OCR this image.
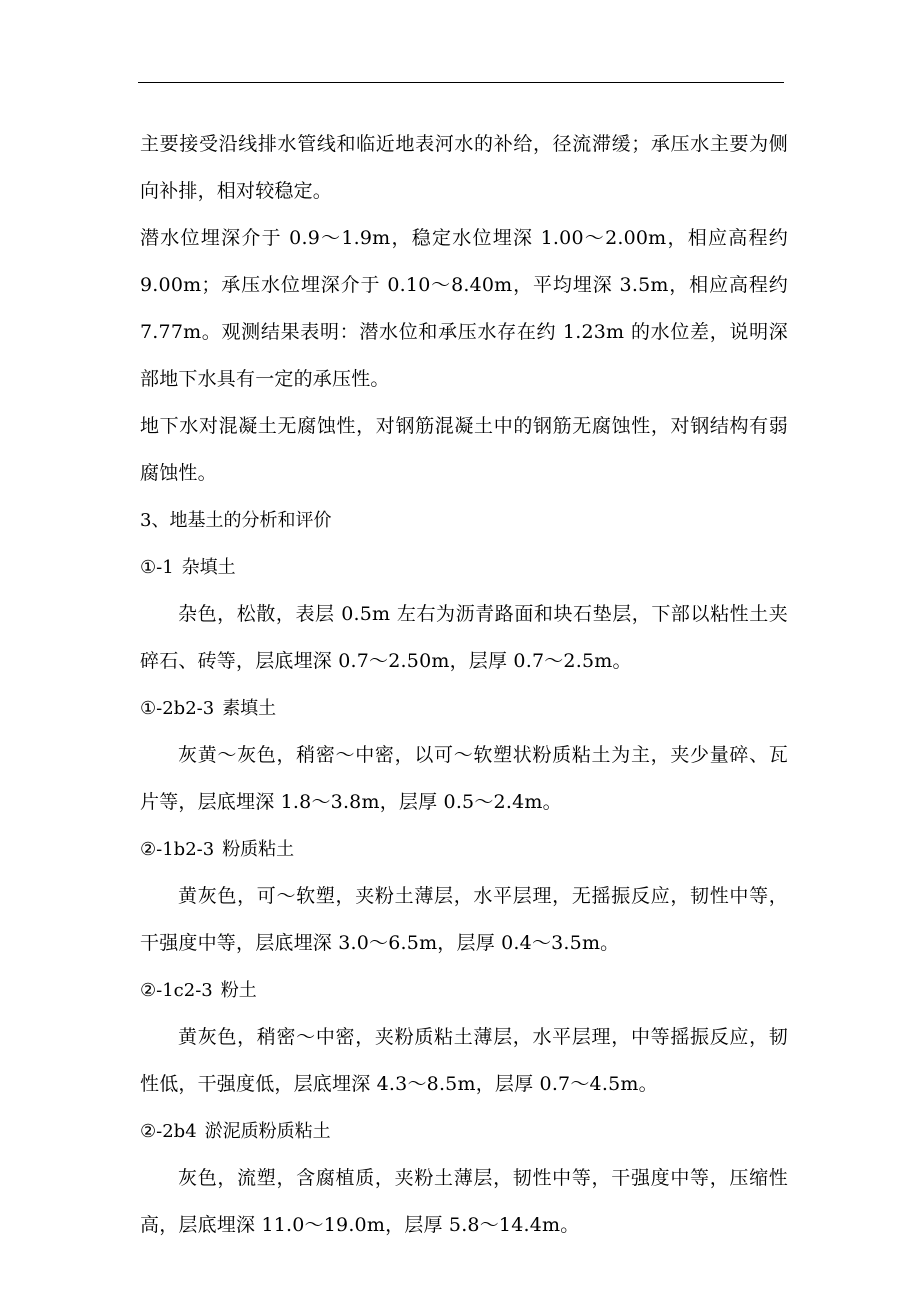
主要接受沿线排水管线和临近地表河水的补给，径流滞缓；承压水主要为侧向补排，相对较稳定。

潜水位埋深介于 0.9～1.9m，稳定水位埋深 1.00～2.00m，相应高程约 9.00m；承压水位埋深介于 0.10～8.40m，平均埋深 3.5m，相应高程约 7.77m。观测结果表明：潜水位和承压水存在约 1.23m 的水位差，说明深部地下水具有一定的承压性。

地下水对混凝土无腐蚀性，对钢筋混凝土中的钢筋无腐蚀性，对钢结构有弱腐蚀性。

3、地基土的分析和评价

①-1 杂填土

杂色，松散，表层 0.5m 左右为沥青路面和块石垫层，下部以粘性土夹碎石、砖等，层底埋深 0.7～2.50m，层厚 0.7～2.5m。

①-2b2-3 素填土

灰黄～灰色，稍密～中密，以可～软塑状粉质粘土为主，夹少量碎、瓦片等，层底埋深 1.8～3.8m，层厚 0.5～2.4m。

②-1b2-3 粉质粘土

黄灰色，可～软塑，夹粉土薄层，水平层理，无摇振反应，韧性中等，干强度中等，层底埋深 3.0～6.5m，层厚 0.4～3.5m。

②-1c2-3 粉土

黄灰色，稍密～中密，夹粉质粘土薄层，水平层理，中等摇振反应，韧性低，干强度低，层底埋深 4.3～8.5m，层厚 0.7～4.5m。

②-2b4 淤泥质粉质粘土

灰色，流塑，含腐植质，夹粉土薄层，韧性中等，干强度中等，压缩性高，层底埋深 11.0～19.0m，层厚 5.8～14.4m。
